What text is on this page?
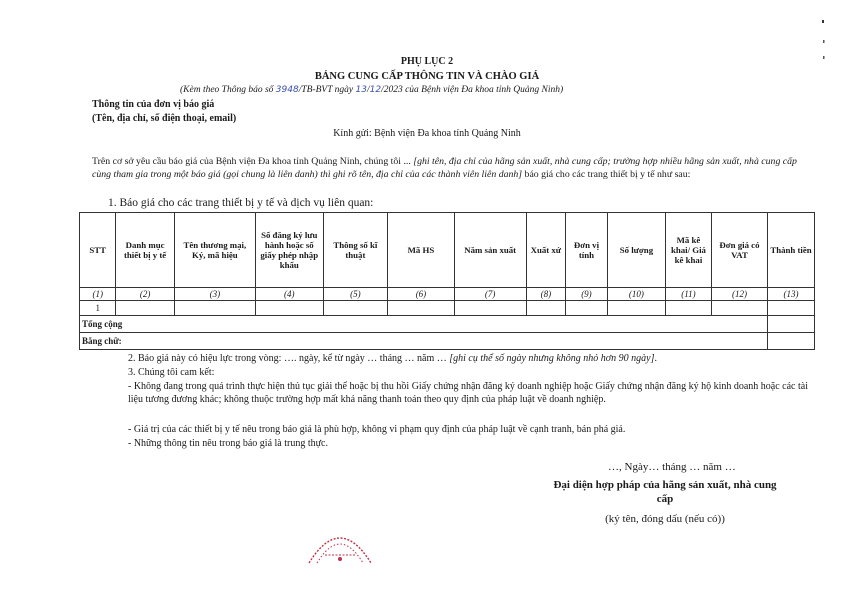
PHỤ LỤC 2
BẢNG CUNG CẤP THÔNG TIN VÀ CHÀO GIÁ
(Kèm theo Thông báo số 3948/TB-BVT ngày 13/12/2023 của Bệnh viện Đa khoa tỉnh Quảng Ninh)
Thông tin của đơn vị báo giá
(Tên, địa chỉ, số điện thoại, email)
Kính gửi: Bệnh viện Đa khoa tỉnh Quảng Ninh
Trên cơ sở yêu cầu báo giá của Bệnh viện Đa khoa tỉnh Quảng Ninh, chúng tôi ... [ghi tên, địa chỉ của hãng sản xuất, nhà cung cấp; trường hợp nhiều hãng sản xuất, nhà cung cấp cùng tham gia trong một báo giá (gọi chung là liên danh) thì ghi rõ tên, địa chỉ của các thành viên liên danh] báo giá cho các trang thiết bị y tế như sau:
1. Báo giá cho các trang thiết bị y tế và dịch vụ liên quan:
STT	Danh mục thiết bị y tế	Tên thương mại, Ký, mã hiệu	Số đăng ký lưu hành hoặc số giấy phép nhập khẩu	Thông số kĩ thuật	Mã HS	Năm sản xuất	Xuất xứ	Đơn vị tính	Số lượng	Mã kê khai/ Giá kê khai	Đơn giá có VAT	Thành tiền
(1)	(2)	(3)	(4)	(5)	(6)	(7)	(8)	(9)	(10)	(11)	(12)	(13)
1												
Tổng cộng												
Bằng chữ:												
2. Báo giá này có hiệu lực trong vòng: …. ngày, kể từ ngày … tháng … năm … [ghi cụ thể số ngày nhưng không nhỏ hơn 90 ngày].
3. Chúng tôi cam kết:
- Không đang trong quá trình thực hiện thủ tục giải thể hoặc bị thu hồi Giấy chứng nhận đăng ký doanh nghiệp hoặc Giấy chứng nhận đăng ký hộ kinh doanh hoặc các tài liệu tương đương khác; không thuộc trường hợp mất khả năng thanh toán theo quy định của pháp luật về doanh nghiệp.
- Giá trị của các thiết bị y tế nêu trong báo giá là phù hợp, không vi phạm quy định của pháp luật về cạnh tranh, bán phá giá.
- Những thông tin nêu trong báo giá là trung thực.
…, Ngày… tháng … năm …
Đại diện hợp pháp của hãng sản xuất, nhà cung cấp
(ký tên, đóng dấu (nếu có))
